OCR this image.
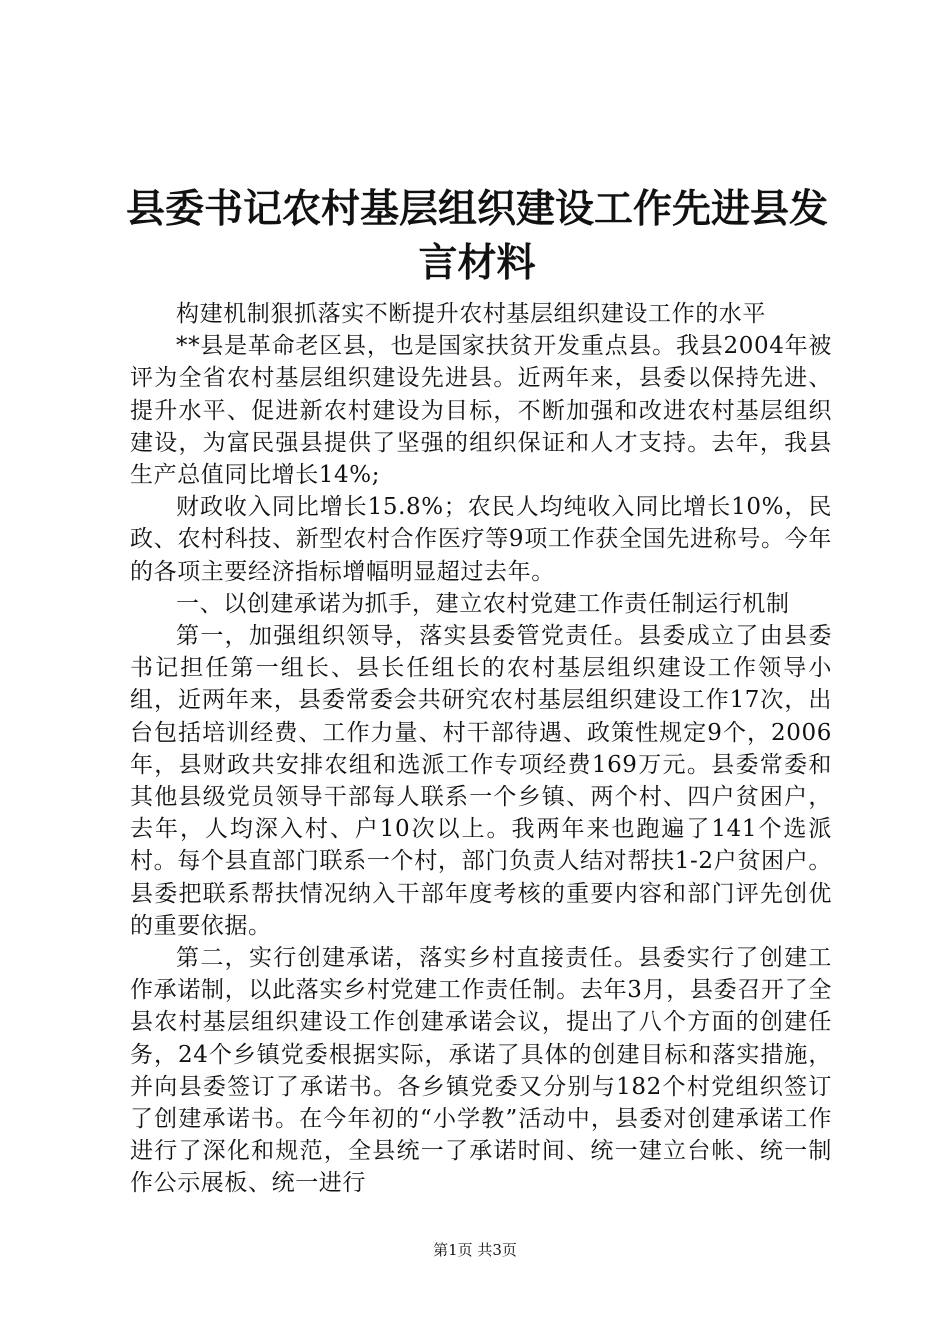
县委书记农村基层组织建设工作先进县发言材料

构建机制狠抓落实不断提升农村基层组织建设工作的水平

**县是革命老区县，也是国家扶贫开发重点县。我县2004年被评为全省农村基层组织建设先进县。近两年来，县委以保持先进、提升水平、促进新农村建设为目标，不断加强和改进农村基层组织建设，为富民强县提供了坚强的组织保证和人才支持。去年，我县生产总值同比增长14%;

财政收入同比增长15.8%；农民人均纯收入同比增长10%，民政、农村科技、新型农村合作医疗等9项工作获全国先进称号。今年的各项主要经济指标增幅明显超过去年。

一、以创建承诺为抓手，建立农村党建工作责任制运行机制

第一，加强组织领导，落实县委管党责任。县委成立了由县委书记担任第一组长、县长任组长的农村基层组织建设工作领导小组，近两年来，县委常委会共研究农村基层组织建设工作17次，出台包括培训经费、工作力量、村干部待遇、政策性规定9个，2006年，县财政共安排农组和选派工作专项经费169万元。县委常委和其他县级党员领导干部每人联系一个乡镇、两个村、四户贫困户，去年，人均深入村、户10次以上。我两年来也跑遍了141个选派村。每个县直部门联系一个村，部门负责人结对帮扶1-2户贫困户。县委把联系帮扶情况纳入干部年度考核的重要内容和部门评先创优的重要依据。

第二，实行创建承诺，落实乡村直接责任。县委实行了创建工作承诺制，以此落实乡村党建工作责任制。去年3月，县委召开了全县农村基层组织建设工作创建承诺会议，提出了八个方面的创建任务，24个乡镇党委根据实际，承诺了具体的创建目标和落实措施，并向县委签订了承诺书。各乡镇党委又分别与182个村党组织签订了创建承诺书。在今年初的“小学教”活动中，县委对创建承诺工作进行了深化和规范，全县统一了承诺时间、统一建立台帐、统一制作公示展板、统一进行

第1页 共3页
